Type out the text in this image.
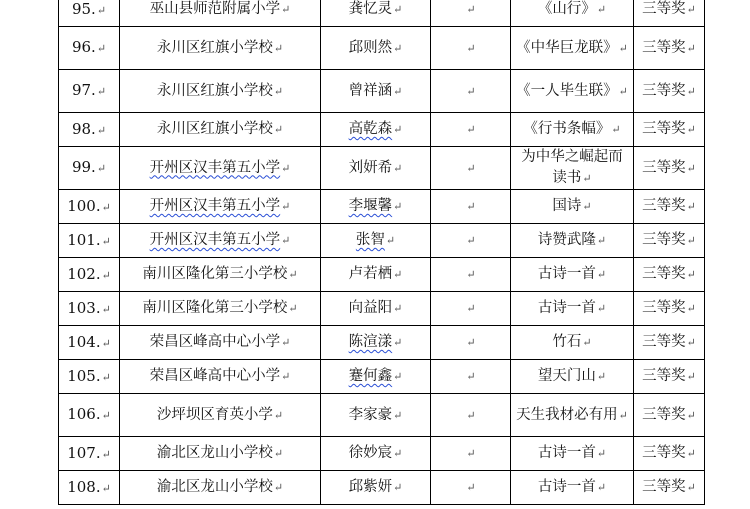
95.↵	巫山县师范附属小学↵	龚忆灵↵	↵	《山行》↵	三等奖↵
96.↵	永川区红旗小学校↵	邱则然↵	↵	《中华巨龙联》↵	三等奖↵
97.↵	永川区红旗小学校↵	曾祥涵↵	↵	《一人毕生联》↵	三等奖↵
98.↵	永川区红旗小学校↵	高乾森↵	↵	《行书条幅》↵	三等奖↵
99.↵	开州区汉丰第五小学↵	刘妍希↵	↵	为中华之崛起而读书↵	三等奖↵
100.↵	开州区汉丰第五小学↵	李堰馨↵	↵	国诗↵	三等奖↵
101.↵	开州区汉丰第五小学↵	张智↵	↵	诗赞武隆↵	三等奖↵
102.↵	南川区隆化第三小学校↵	卢若栖↵	↵	古诗一首↵	三等奖↵
103.↵	南川区隆化第三小学校↵	向益阳↵	↵	古诗一首↵	三等奖↵
104.↵	荣昌区峰高中心小学↵	陈渲漾↵	↵	竹石↵	三等奖↵
105.↵	荣昌区峰高中心小学↵	蹇何鑫↵	↵	望天门山↵	三等奖↵
106.↵	沙坪坝区育英小学↵	李家豪↵	↵	天生我材必有用↵	三等奖↵
107.↵	渝北区龙山小学校↵	徐妙宸↵	↵	古诗一首↵	三等奖↵
108.↵	渝北区龙山小学校↵	邱紫妍↵	↵	古诗一首↵	三等奖↵
